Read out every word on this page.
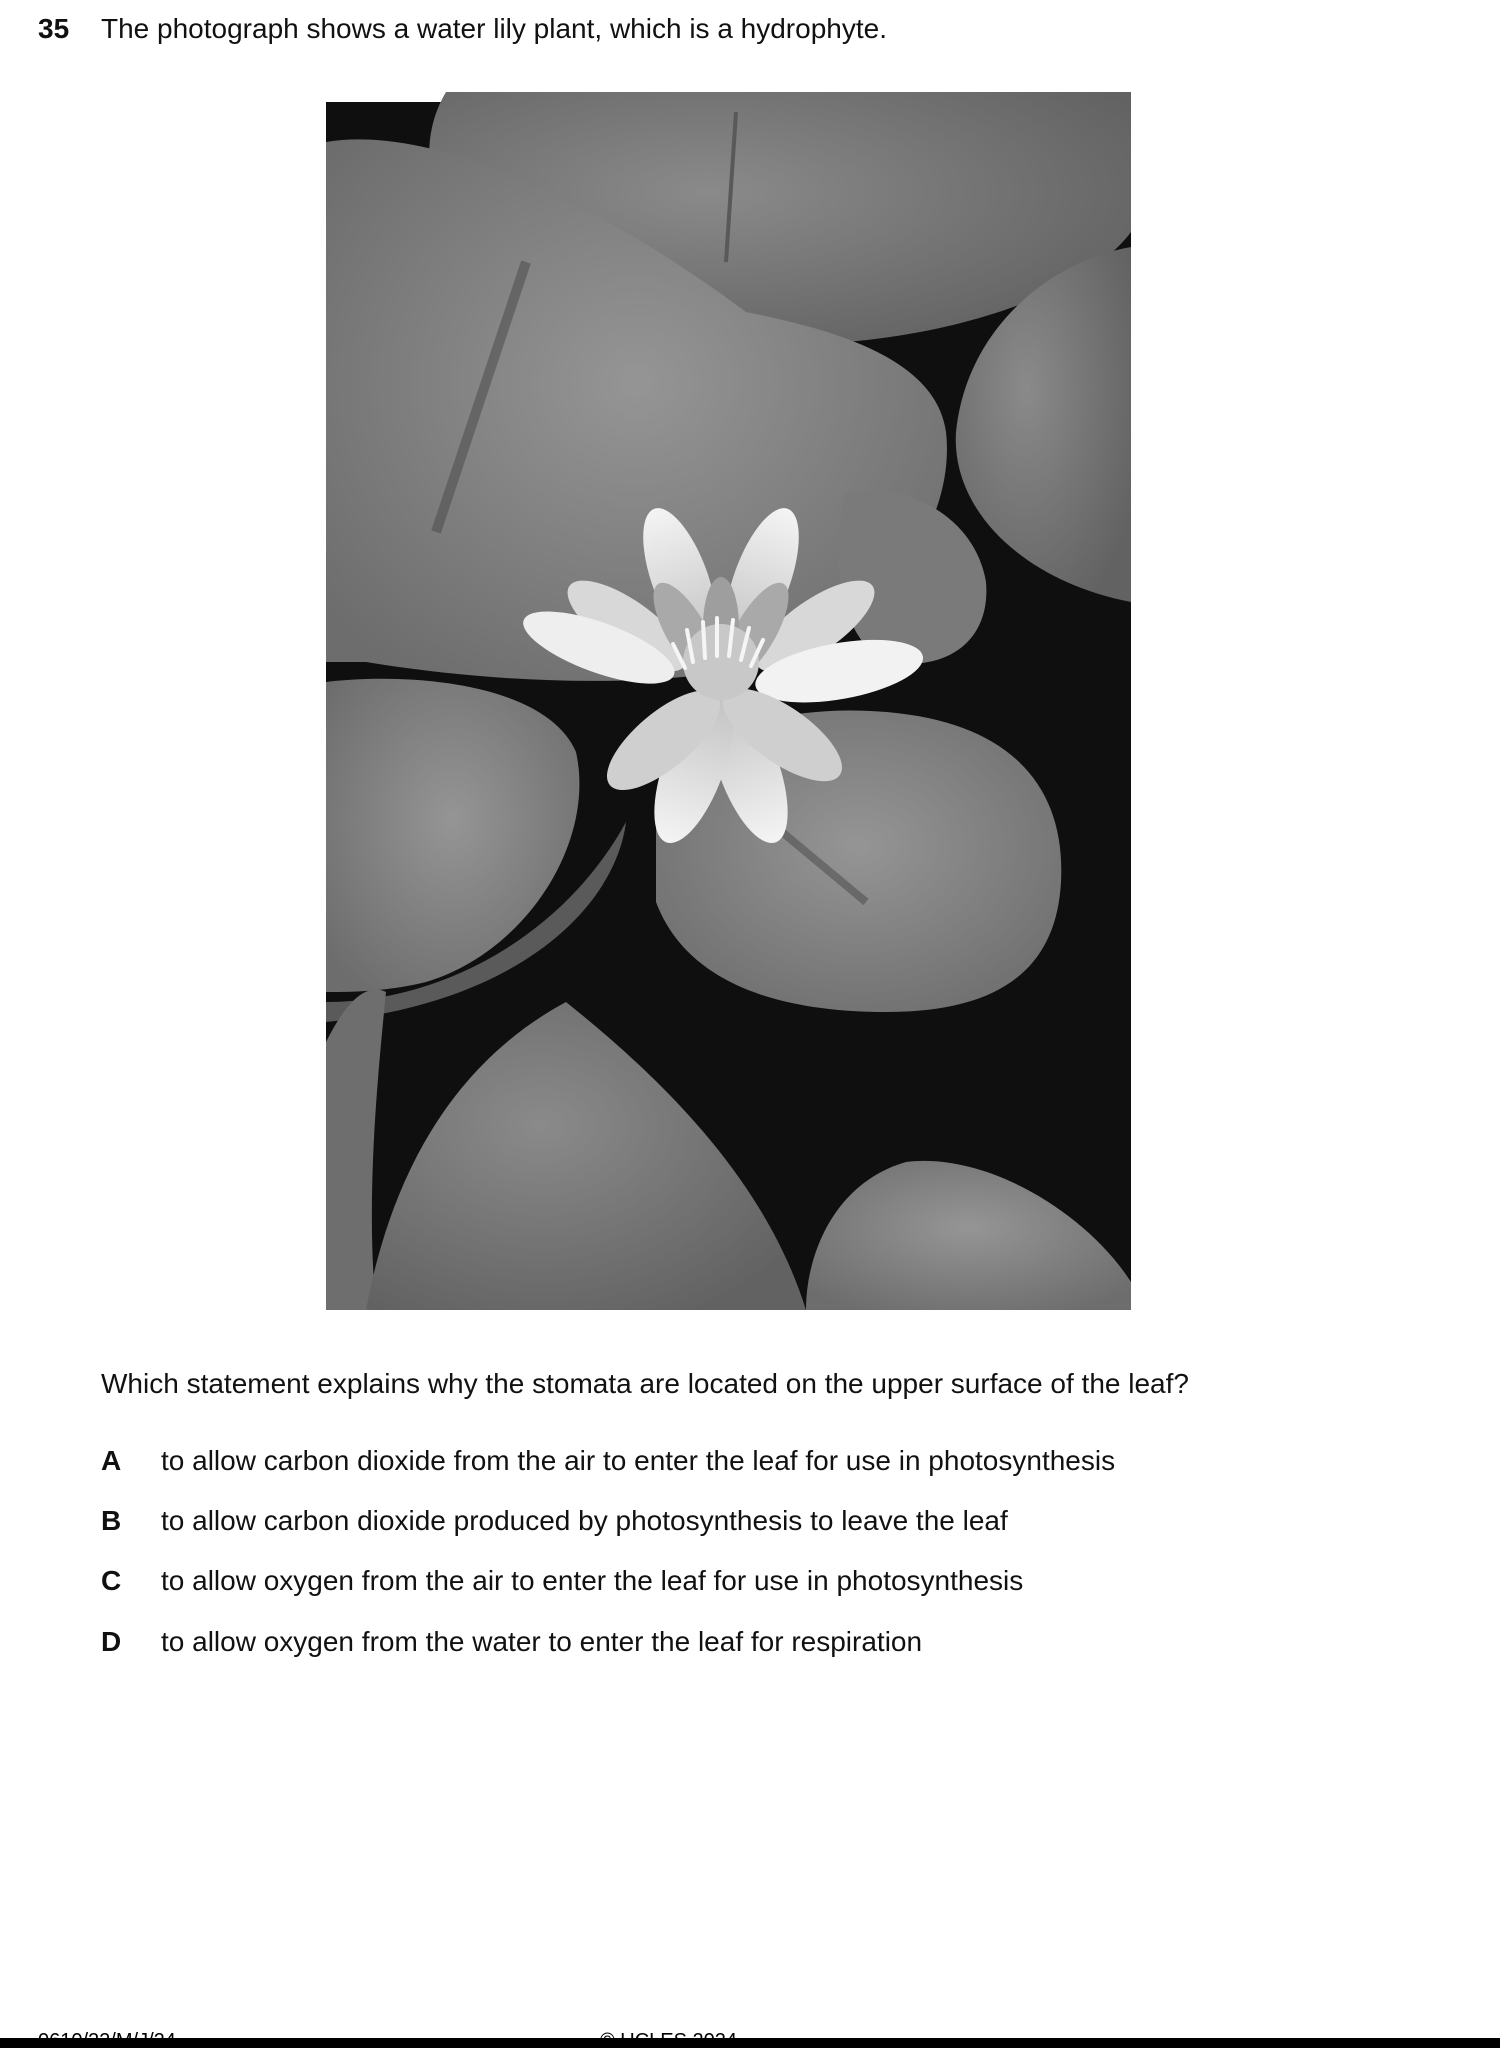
35 The photograph shows a water lily plant, which is a hydrophyte.
Which statement explains why the stomata are located on the upper surface of the leaf?
A	to allow carbon dioxide from the air to enter the leaf for use in photosynthesis
B	to allow carbon dioxide produced by photosynthesis to leave the leaf
C	to allow oxygen from the air to enter the leaf for use in photosynthesis
D	to allow oxygen from the water to enter the leaf for respiration
